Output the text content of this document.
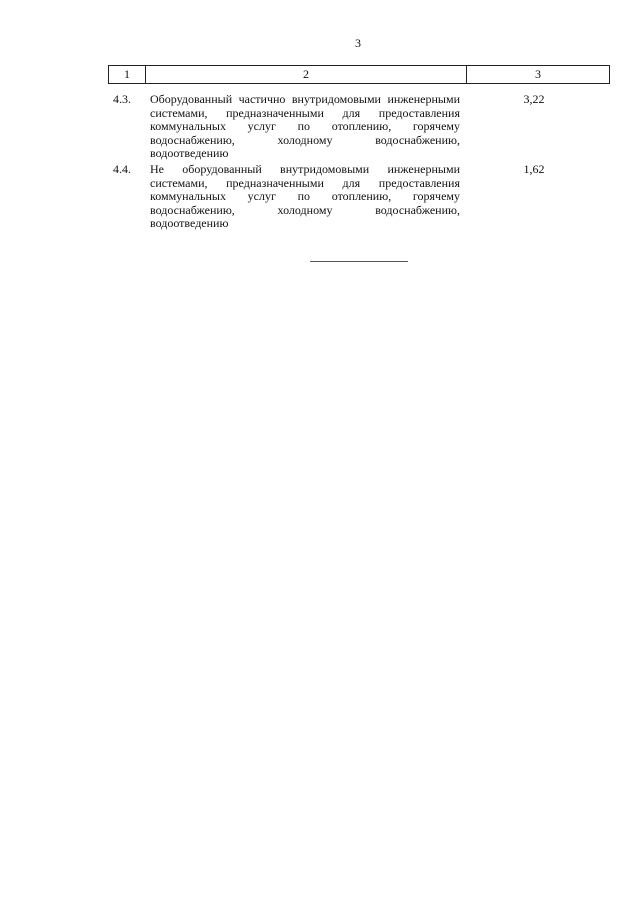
3
1	2	3
4.3. Оборудованный частично внутридомовыми инженерными системами, предназначенными для предоставления коммунальных услуг по отоплению, горячему водоснабжению, холодному водоснабжению, водоотведению
3,22
4.4. Не оборудованный внутридомовыми инженерными системами, предназначенными для предоставления коммунальных услуг по отоплению, горячему водоснабжению, холодному водоснабжению, водоотведению
1,62
